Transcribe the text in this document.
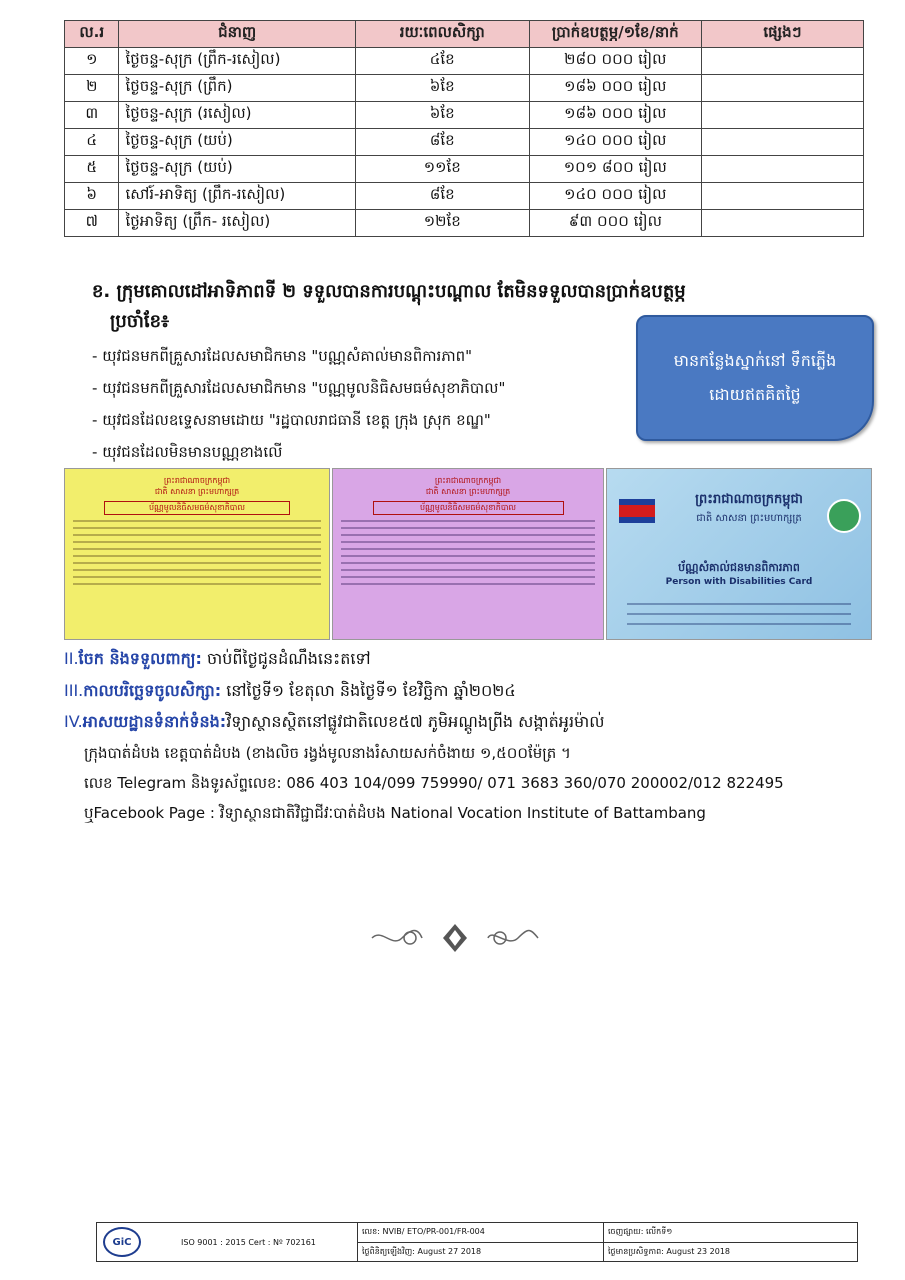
ល.រ	ជំនាញ	រយៈពេលសិក្សា	ប្រាក់ឧបត្ថម្ភ/១ខែ/នាក់	ផ្សេងៗ
១	ថ្ងៃចន្ទ-សុក្រ (ព្រឹក-រសៀល)	៤ខែ	២៨០ ០០០ រៀល	
២	ថ្ងៃចន្ទ-សុក្រ (ព្រឹក)	៦ខែ	១៨៦ ០០០ រៀល	
៣	ថ្ងៃចន្ទ-សុក្រ (រសៀល)	៦ខែ	១៨៦ ០០០ រៀល	
៤	ថ្ងៃចន្ទ-សុក្រ (យប់)	៨ខែ	១៤០ ០០០ រៀល	
៥	ថ្ងៃចន្ទ-សុក្រ (យប់)	១១ខែ	១០១ ៨០០ រៀល	
៦	សៅរ៍-អាទិត្យ (ព្រឹក-រសៀល)	៨ខែ	១៤០ ០០០ រៀល	
៧	ថ្ងៃអាទិត្យ (ព្រឹក- រសៀល)	១២ខែ	៩៣ ០០០ រៀល	
ខ. ក្រុមគោលដៅអាទិភាពទី ២ ទទួលបានការបណ្ដុះបណ្ដាល តែមិនទទួលបានប្រាក់ឧបត្ថម្ភ
ប្រចាំខែ៖
- យុវជនមកពីគ្រួសារដែលសមាជិកមាន "បណ្ណសំគាល់មានពិការភាព"
- យុវជនមកពីគ្រួសារដែលសមាជិកមាន "បណ្ណមូលនិធិសមធម៌សុខាភិបាល"
- យុវជនដែលឧទ្ទេសនាមដោយ "រដ្ឋបាលរាជធានី ខេត្ត ក្រុង ស្រុក ខណ្ឌ"
- យុវជនដែលមិនមានបណ្ណខាងលើ
មានកន្លែងស្នាក់នៅ ទឹកភ្លើង
ដោយឥតគិតថ្លៃ
ព្រះរាជាណាចក្រកម្ពុជា
ជាតិ សាសនា ព្រះមហាក្សត្រ
ប័ណ្ណមូលនិធិសមធម៌សុខាភិបាល
ព្រះរាជាណាចក្រកម្ពុជា
ជាតិ សាសនា ព្រះមហាក្សត្រ
ប័ណ្ណមូលនិធិសមធម៌សុខាភិបាល
ព្រះរាជាណាចក្រកម្ពុជា
ជាតិ សាសនា ព្រះមហាក្សត្រ
ប័ណ្ណសំគាល់ជនមានពិការភាព
Person with Disabilities Card
II.ចែក និងទទួលពាក្យ: ចាប់ពីថ្ងៃជូនដំណឹងនេះតទៅ
III.កាលបរិច្ឆេទចូលសិក្សា: នៅថ្ងៃទី១ ខែតុលា និងថ្ងៃទី១ ខែវិច្ឆិកា ឆ្នាំ២០២៤
IV.អាសយដ្ឋានទំនាក់ទំនង:វិទ្យាស្ថានស្ថិតនៅផ្លូវជាតិលេខ៥៧ ភូមិអណ្ដូងព្រីង សង្កាត់អូរម៉ាល់
ក្រុងបាត់ដំបង ខេត្តបាត់ដំបង (ខាងលិច រង្វង់មូលនាងរំសាយសក់ចំងាយ ១,៥០០ម៉ែត្រ ។
លេខ Telegram និងទូរស័ព្ទលេខ: 086 403 104/099 759990/ 071 3683 360/070 200002/012 822495
ឬFacebook Page : វិទ្យាស្ថានជាតិវិជ្ជាជីវៈបាត់ដំបង National Vocation Institute of Battambang
GiC	ISO 9001 : 2015 Cert : Nº 702161
លេខ: NVIB/ ETO/PR-001/FR-004
ថ្ងៃពិនិត្យឡើងវិញ: August 27 2018
ចេញផ្សាយ: លើកទី១
ថ្ងៃមានប្រសិទ្ធភាព: August 23 2018
